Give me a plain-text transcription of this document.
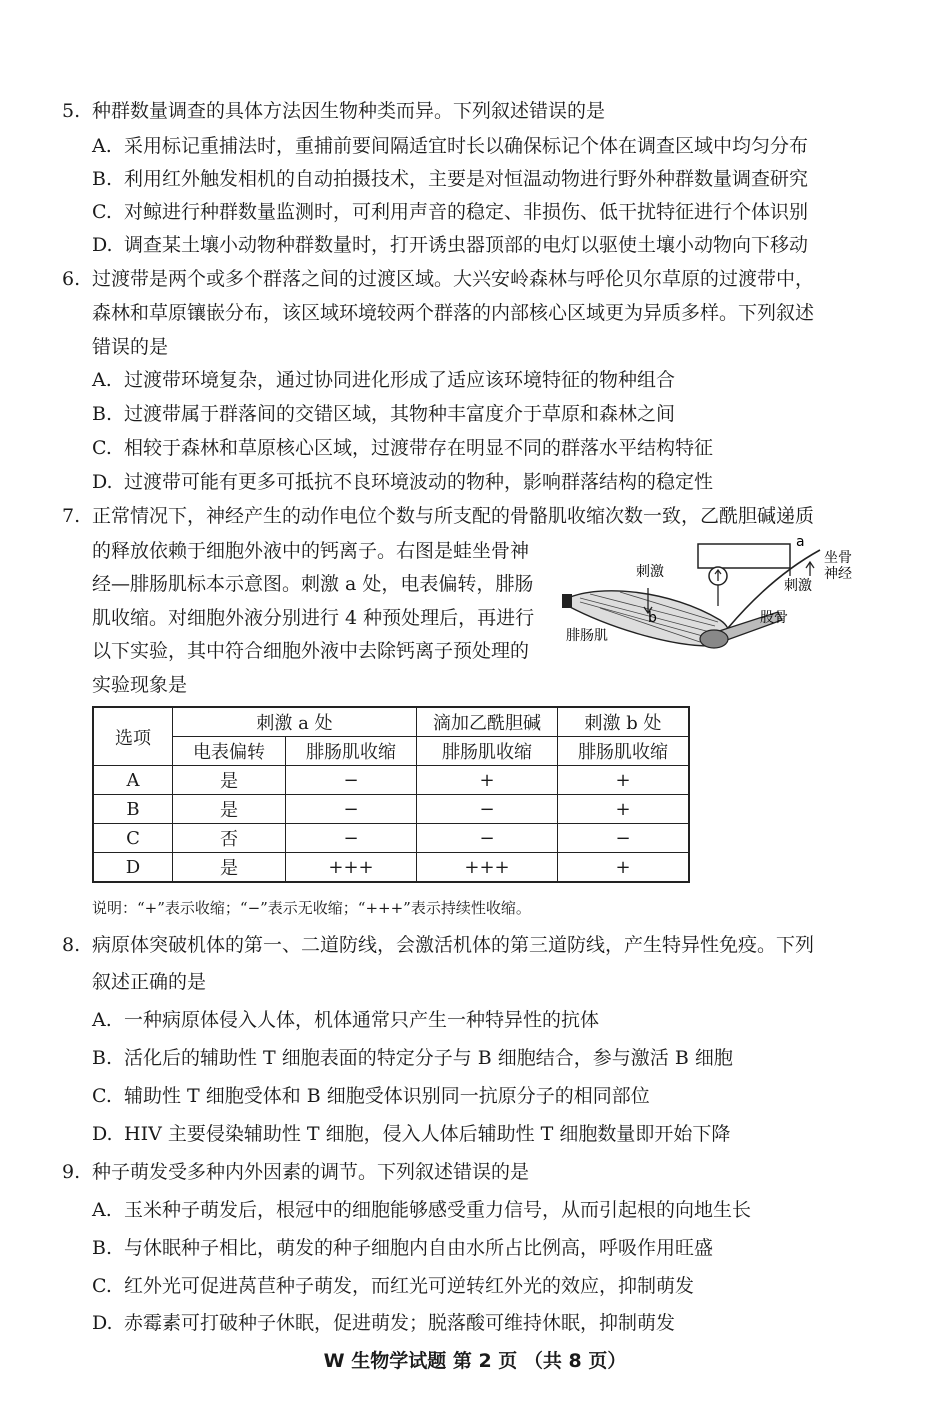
5. 种群数量调查的具体方法因生物种类而异。下列叙述错误的是
A. 采用标记重捕法时，重捕前要间隔适宜时长以确保标记个体在调查区域中均匀分布
B. 利用红外触发相机的自动拍摄技术，主要是对恒温动物进行野外种群数量调查研究
C. 对鲸进行种群数量监测时，可利用声音的稳定、非损伤、低干扰特征进行个体识别
D. 调查某土壤小动物种群数量时，打开诱虫器顶部的电灯以驱使土壤小动物向下移动
6. 过渡带是两个或多个群落之间的过渡区域。大兴安岭森林与呼伦贝尔草原的过渡带中，
森林和草原镶嵌分布，该区域环境较两个群落的内部核心区域更为异质多样。下列叙述
错误的是
A. 过渡带环境复杂，通过协同进化形成了适应该环境特征的物种组合
B. 过渡带属于群落间的交错区域，其物种丰富度介于草原和森林之间
C. 相较于森林和草原核心区域，过渡带存在明显不同的群落水平结构特征
D. 过渡带可能有更多可抵抗不良环境波动的物种，影响群落结构的稳定性
7. 正常情况下，神经产生的动作电位个数与所支配的骨骼肌收缩次数一致，乙酰胆碱递质
的释放依赖于细胞外液中的钙离子。右图是蛙坐骨神
经—腓肠肌标本示意图。刺激 a 处，电表偏转，腓肠
肌收缩。对细胞外液分别进行 4 种预处理后，再进行
以下实验，其中符合细胞外液中去除钙离子预处理的
实验现象是
刺激
刺激
a
b
坐骨
神经
股骨
腓肠肌
选项	刺激 a 处		滴加乙酰胆碱	刺激 b 处
	电表偏转	腓肠肌收缩	腓肠肌收缩	腓肠肌收缩
A	是	−	+	+
B	是	−	−	+
C	否	−	−	−
D	是	+++	+++	+
说明：“+”表示收缩；“−”表示无收缩；“+++”表示持续性收缩。
8. 病原体突破机体的第一、二道防线，会激活机体的第三道防线，产生特异性免疫。下列
叙述正确的是
A. 一种病原体侵入人体，机体通常只产生一种特异性的抗体
B. 活化后的辅助性 T 细胞表面的特定分子与 B 细胞结合，参与激活 B 细胞
C. 辅助性 T 细胞受体和 B 细胞受体识别同一抗原分子的相同部位
D. HIV 主要侵染辅助性 T 细胞，侵入人体后辅助性 T 细胞数量即开始下降
9. 种子萌发受多种内外因素的调节。下列叙述错误的是
A. 玉米种子萌发后，根冠中的细胞能够感受重力信号，从而引起根的向地生长
B. 与休眠种子相比，萌发的种子细胞内自由水所占比例高，呼吸作用旺盛
C. 红外光可促进莴苣种子萌发，而红光可逆转红外光的效应，抑制萌发
D. 赤霉素可打破种子休眠，促进萌发；脱落酸可维持休眠，抑制萌发
W 生物学试题 第 2 页 （共 8 页）
